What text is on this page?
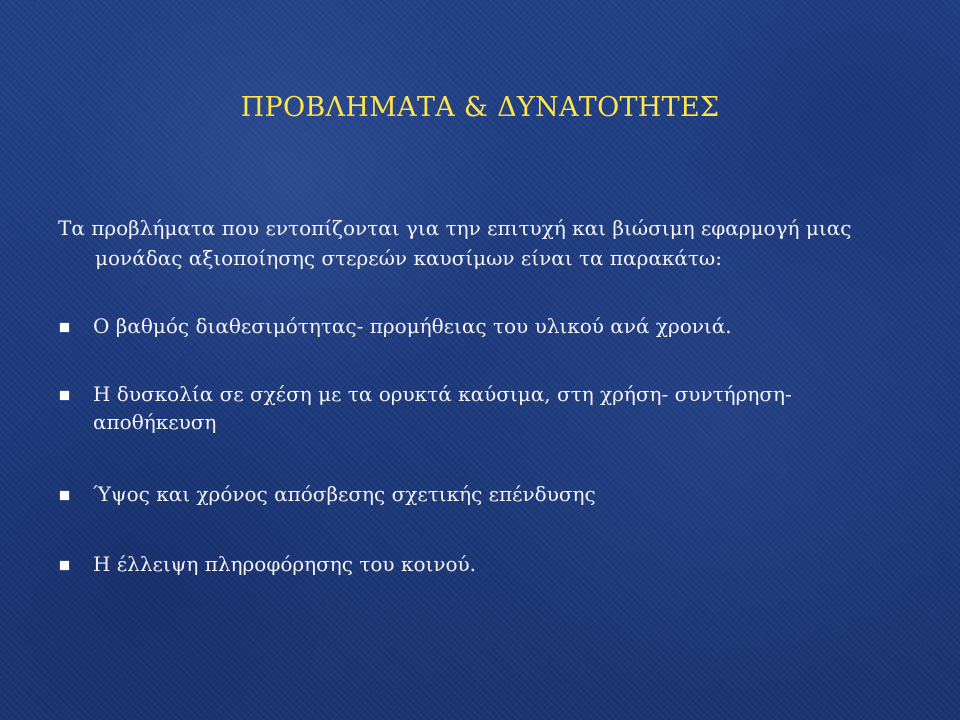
ΠΡΟΒΛΗΜΑΤΑ & ΔΥΝΑΤΟΤΗΤΕΣ
Τα προβλήματα που εντοπίζονται για την επιτυχή και βιώσιμη εφαρμογή μιας
μονάδας αξιοποίησης στερεών καυσίμων είναι τα παρακάτω:
Ο βαθμός διαθεσιμότητας- προμήθειας του υλικού ανά χρονιά.
Η δυσκολία σε σχέση με τα ορυκτά καύσιμα, στη χρήση- συντήρηση- αποθήκευση
Ύψος και χρόνος απόσβεσης σχετικής επένδυσης
Η έλλειψη πληροφόρησης του κοινού.
